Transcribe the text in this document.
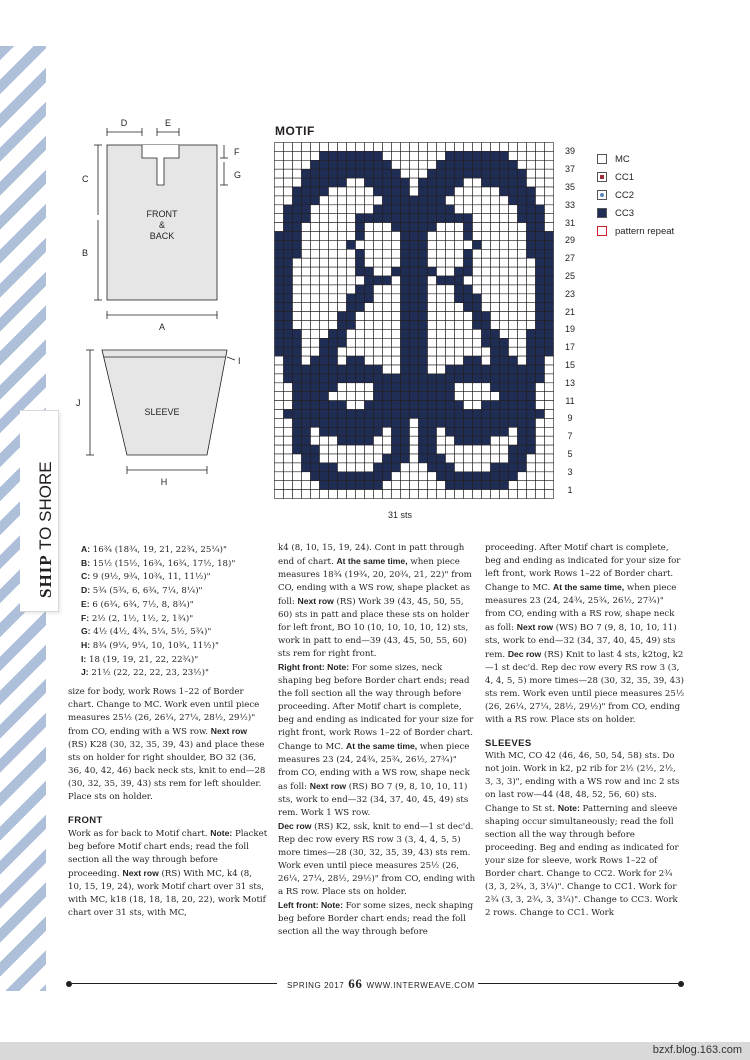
SHIP TO SHORE
D	E
F
G
C
B
A
FRONT
&
BACK
SLEEVE
I
J
H
MOTIF
39
37
35
33
31
29
27
25
23
21
19
17
15
13
11
9
7
5
3
1
31 sts
MC
CC1
CC2
CC3
pattern repeat
A: 16¾ (18¾, 19, 21, 22¾, 25¼)"
B: 15½ (15½, 16¾, 16¾, 17½, 18)"
C: 9 (9½, 9¾, 10¾, 11, 11½)"
D: 5¾ (5¾, 6, 6¾, 7¼, 8¼)"
E: 6 (6¾, 6¾, 7½, 8, 8¾)"
F: 2½ (2, 1½, 1½, 2, 1¾)"
G: 4½ (4½, 4¾, 5¼, 5½, 5¾)"
H: 8¾ (9¼, 9¼, 10, 10¾, 11½)"
I: 18 (19, 19, 21, 22, 22¾)"
J: 21½ (22, 22, 22, 23, 23½)"

size for body, work Rows 1–22 of Border chart. Change to MC. Work even until piece measures 25½ (26, 26¼, 27¼, 28½, 29½)" from CO, ending with a WS row. Next row (RS) K28 (30, 32, 35, 39, 43) and place these sts on holder for right shoulder, BO 32 (36, 36, 40, 42, 46) back neck sts, knit to end—28 (30, 32, 35, 39, 43) sts rem for left shoulder. Place sts on holder.

FRONT

Work as for back to Motif chart. Note: Placket beg before Motif chart ends; read the foll section all the way through before proceeding. Next row (RS) With MC, k4 (8, 10, 15, 19, 24), work Motif chart over 31 sts, with MC, k18 (18, 18, 18, 20, 22), work Motif chart over 31 sts, with MC,

k4 (8, 10, 15, 19, 24). Cont in patt through end of chart. At the same time, when piece measures 18¾ (19¾, 20, 20¾, 21, 22)" from CO, ending with a WS row, shape placket as foll: Next row (RS) Work 39 (43, 45, 50, 55, 60) sts in patt and place these sts on holder for left front, BO 10 (10, 10, 10, 10, 12) sts, work in patt to end—39 (43, 45, 50, 55, 60) sts rem for right front.

Right front: Note: For some sizes, neck shaping beg before Border chart ends; read the foll section all the way through before proceeding. After Motif chart is complete, beg and ending as indicated for your size for right front, work Rows 1–22 of Border chart. Change to MC. At the same time, when piece measures 23 (24, 24¾, 25¾, 26½, 27¾)" from CO, ending with a WS row, shape neck as foll: Next row (RS) BO 7 (9, 8, 10, 10, 11) sts, work to end—32 (34, 37, 40, 45, 49) sts rem. Work 1 WS row.

Dec row (RS) K2, ssk, knit to end—1 st dec'd. Rep dec row every RS row 3 (3, 4, 4, 5, 5) more times—28 (30, 32, 35, 39, 43) sts rem. Work even until piece measures 25½ (26, 26¼, 27¼, 28½, 29½)" from CO, ending with a RS row. Place sts on holder.

Left front: Note: For some sizes, neck shaping beg before Border chart ends; read the foll section all the way through before

proceeding. After Motif chart is complete, beg and ending as indicated for your size for left front, work Rows 1–22 of Border chart. Change to MC. At the same time, when piece measures 23 (24, 24¾, 25¾, 26½, 27¾)" from CO, ending with a RS row, shape neck as foll: Next row (WS) BO 7 (9, 8, 10, 10, 11) sts, work to end—32 (34, 37, 40, 45, 49) sts rem. Dec row (RS) Knit to last 4 sts, k2tog, k2—1 st dec'd. Rep dec row every RS row 3 (3, 4, 4, 5, 5) more times—28 (30, 32, 35, 39, 43) sts rem. Work even until piece measures 25½ (26, 26¼, 27¼, 28½, 29½)" from CO, ending with a RS row. Place sts on holder.

SLEEVES

With MC, CO 42 (46, 46, 50, 54, 58) sts. Do not join. Work in k2, p2 rib for 2½ (2½, 2½, 3, 3, 3)", ending with a WS row and inc 2 sts on last row—44 (48, 48, 52, 56, 60) sts. Change to St st. Note: Patterning and sleeve shaping occur simultaneously; read the foll section all the way through before proceeding. Beg and ending as indicated for your size for sleeve, work Rows 1–22 of Border chart. Change to CC2. Work for 2¾ (3, 3, 2¾, 3, 3¼)". Change to CC1. Work for 2¾ (3, 3, 2¾, 3, 3¼)". Change to CC3. Work 2 rows. Change to CC1. Work

SPRING 2017 66 WWW.INTERWEAVE.COM
bzxf.blog.163.com
